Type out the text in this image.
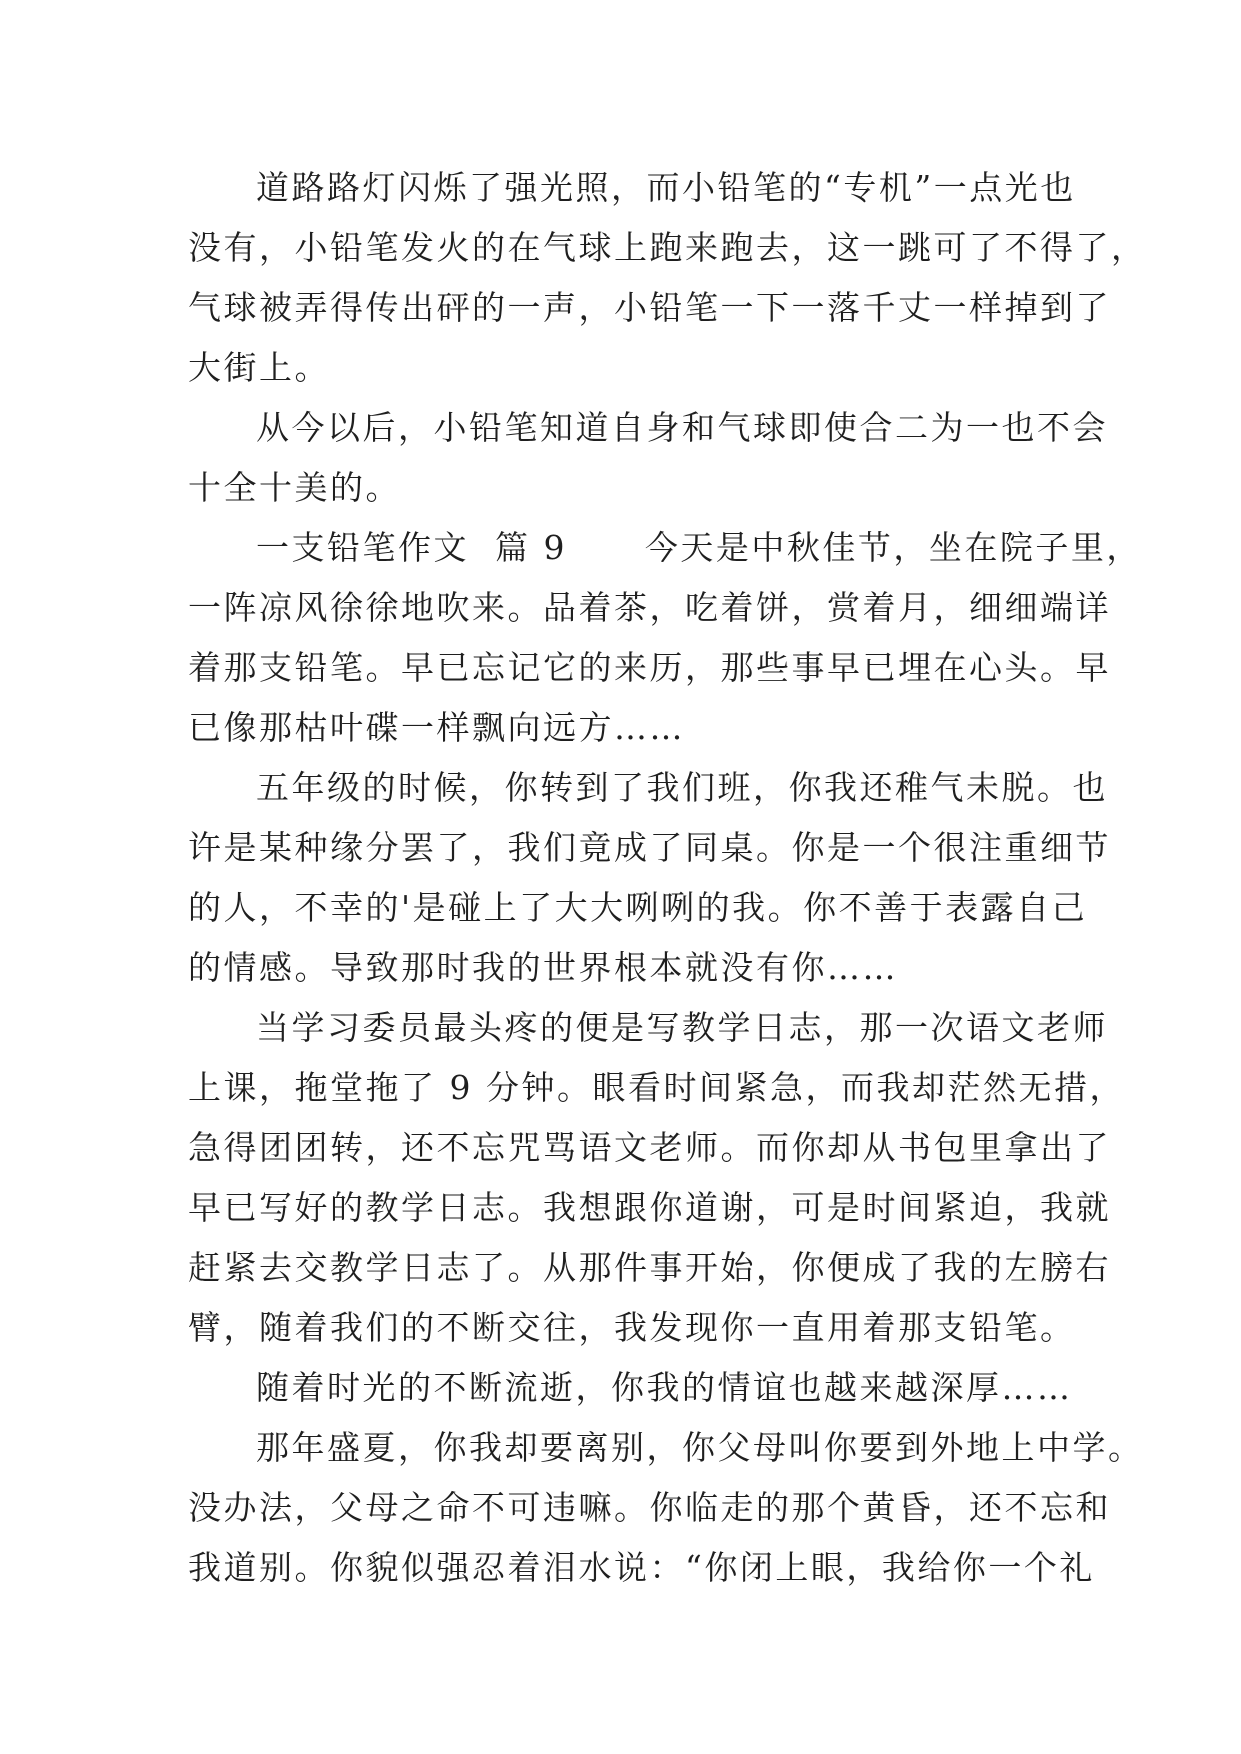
道路路灯闪烁了强光照，而小铅笔的“专机”一点光也
没有，小铅笔发火的在气球上跑来跑去，这一跳可了不得了，
气球被弄得传出砰的一声，小铅笔一下一落千丈一样掉到了
大街上。
从今以后，小铅笔知道自身和气球即使合二为一也不会
十全十美的。
一支铅笔作文  篇 9      今天是中秋佳节，坐在院子里，
一阵凉风徐徐地吹来。品着茶，吃着饼，赏着月，细细端详
着那支铅笔。早已忘记它的来历，那些事早已埋在心头。早
已像那枯叶碟一样飘向远方……
五年级的时候，你转到了我们班，你我还稚气未脱。也
许是某种缘分罢了，我们竟成了同桌。你是一个很注重细节
的人，不幸的'是碰上了大大咧咧的我。你不善于表露自己
的情感。导致那时我的世界根本就没有你……
当学习委员最头疼的便是写教学日志，那一次语文老师
上课，拖堂拖了 9 分钟。眼看时间紧急，而我却茫然无措，
急得团团转，还不忘咒骂语文老师。而你却从书包里拿出了
早已写好的教学日志。我想跟你道谢，可是时间紧迫，我就
赶紧去交教学日志了。从那件事开始，你便成了我的左膀右
臂，随着我们的不断交往，我发现你一直用着那支铅笔。
随着时光的不断流逝，你我的情谊也越来越深厚……
那年盛夏，你我却要离别，你父母叫你要到外地上中学。
没办法，父母之命不可违嘛。你临走的那个黄昏，还不忘和
我道别。你貌似强忍着泪水说：“你闭上眼，我给你一个礼
